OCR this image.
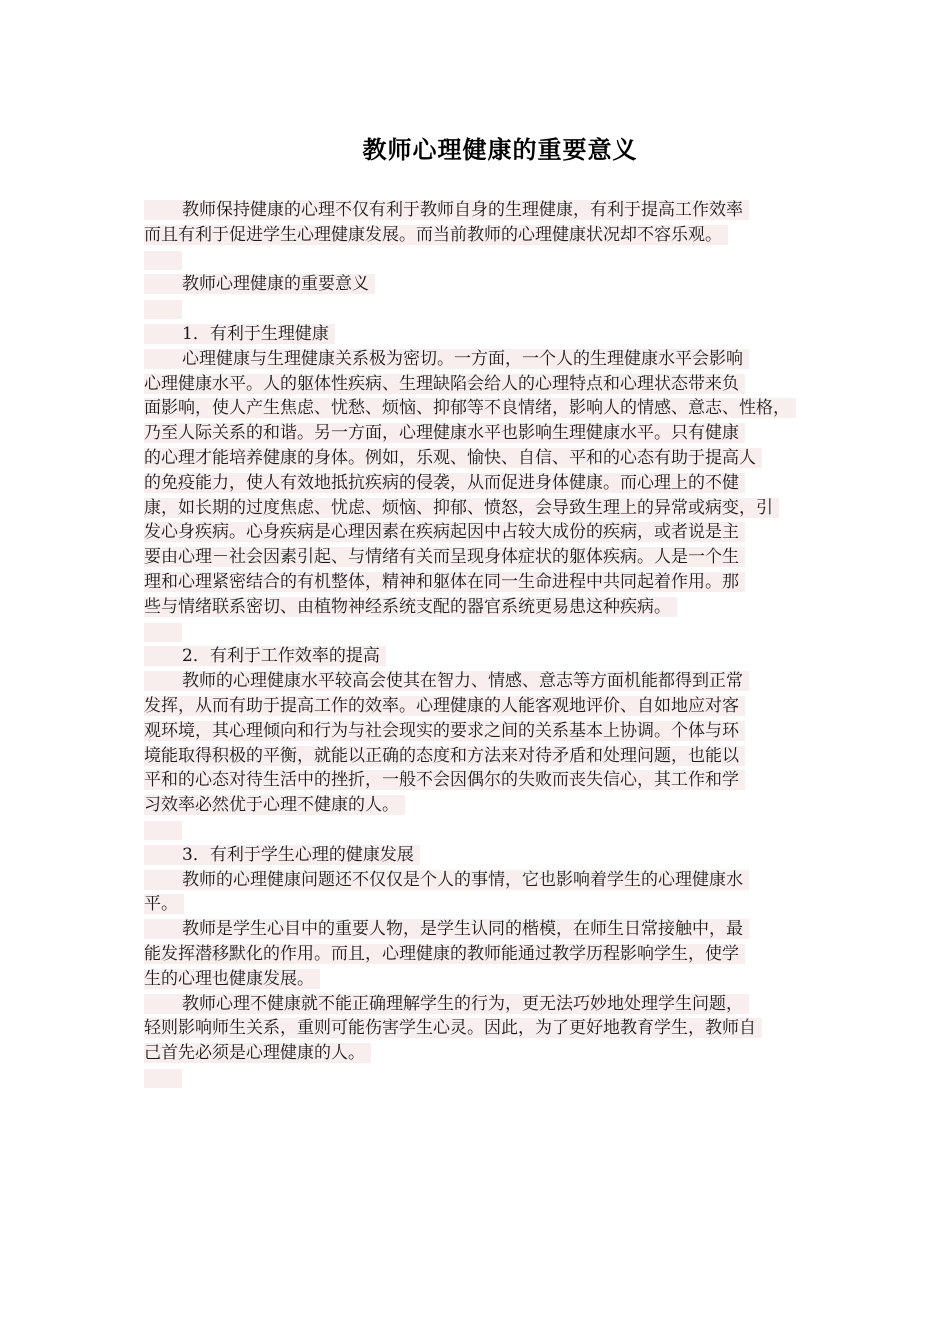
教师心理健康的重要意义
教师保持健康的心理不仅有利于教师自身的生理健康，有利于提高工作效率
而且有利于促进学生心理健康发展。而当前教师的心理健康状况却不容乐观。
教师心理健康的重要意义
1．有利于生理健康
心理健康与生理健康关系极为密切。一方面，一个人的生理健康水平会影响
心理健康水平。人的躯体性疾病、生理缺陷会给人的心理特点和心理状态带来负
面影响，使人产生焦虑、忧愁、烦恼、抑郁等不良情绪，影响人的情感、意志、性格，
乃至人际关系的和谐。另一方面，心理健康水平也影响生理健康水平。只有健康
的心理才能培养健康的身体。例如，乐观、愉快、自信、平和的心态有助于提高人
的免疫能力，使人有效地抵抗疾病的侵袭，从而促进身体健康。而心理上的不健
康，如长期的过度焦虑、忧虑、烦恼、抑郁、愤怒，会导致生理上的异常或病变，引
发心身疾病。心身疾病是心理因素在疾病起因中占较大成份的疾病，或者说是主
要由心理－社会因素引起、与情绪有关而呈现身体症状的躯体疾病。人是一个生
理和心理紧密结合的有机整体，精神和躯体在同一生命进程中共同起着作用。那
些与情绪联系密切、由植物神经系统支配的器官系统更易患这种疾病。
2．有利于工作效率的提高
教师的心理健康水平较高会使其在智力、情感、意志等方面机能都得到正常
发挥，从而有助于提高工作的效率。心理健康的人能客观地评价、自如地应对客
观环境，其心理倾向和行为与社会现实的要求之间的关系基本上协调。个体与环
境能取得积极的平衡，就能以正确的态度和方法来对待矛盾和处理问题，也能以
平和的心态对待生活中的挫折，一般不会因偶尔的失败而丧失信心，其工作和学
习效率必然优于心理不健康的人。
3．有利于学生心理的健康发展
教师的心理健康问题还不仅仅是个人的事情，它也影响着学生的心理健康水
平。
教师是学生心目中的重要人物，是学生认同的楷模，在师生日常接触中，最
能发挥潜移默化的作用。而且，心理健康的教师能通过教学历程影响学生，使学
生的心理也健康发展。
教师心理不健康就不能正确理解学生的行为，更无法巧妙地处理学生问题，
轻则影响师生关系，重则可能伤害学生心灵。因此，为了更好地教育学生，教师自
己首先必须是心理健康的人。
